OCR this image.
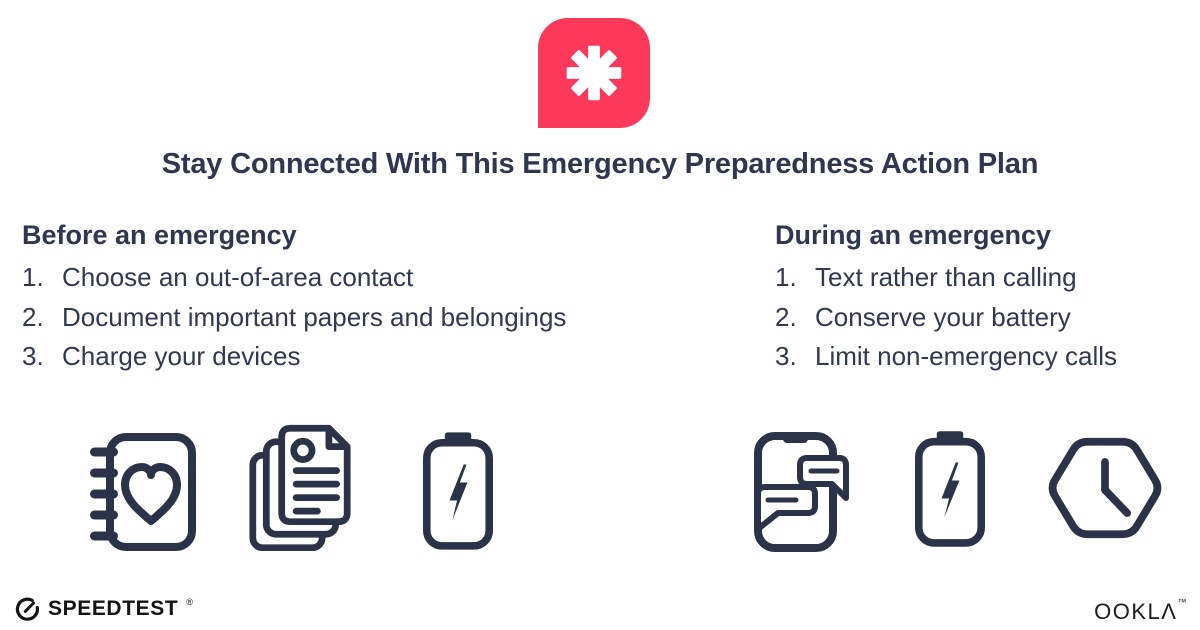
Stay Connected With This Emergency Preparedness Action Plan
Before an emergency
1. Choose an out-of-area contact
2. Document important papers and belongings
3. Charge your devices
During an emergency
1. Text rather than calling
2. Conserve your battery
3. Limit non-emergency calls
SPEEDTEST ®	OOKLΛ™
